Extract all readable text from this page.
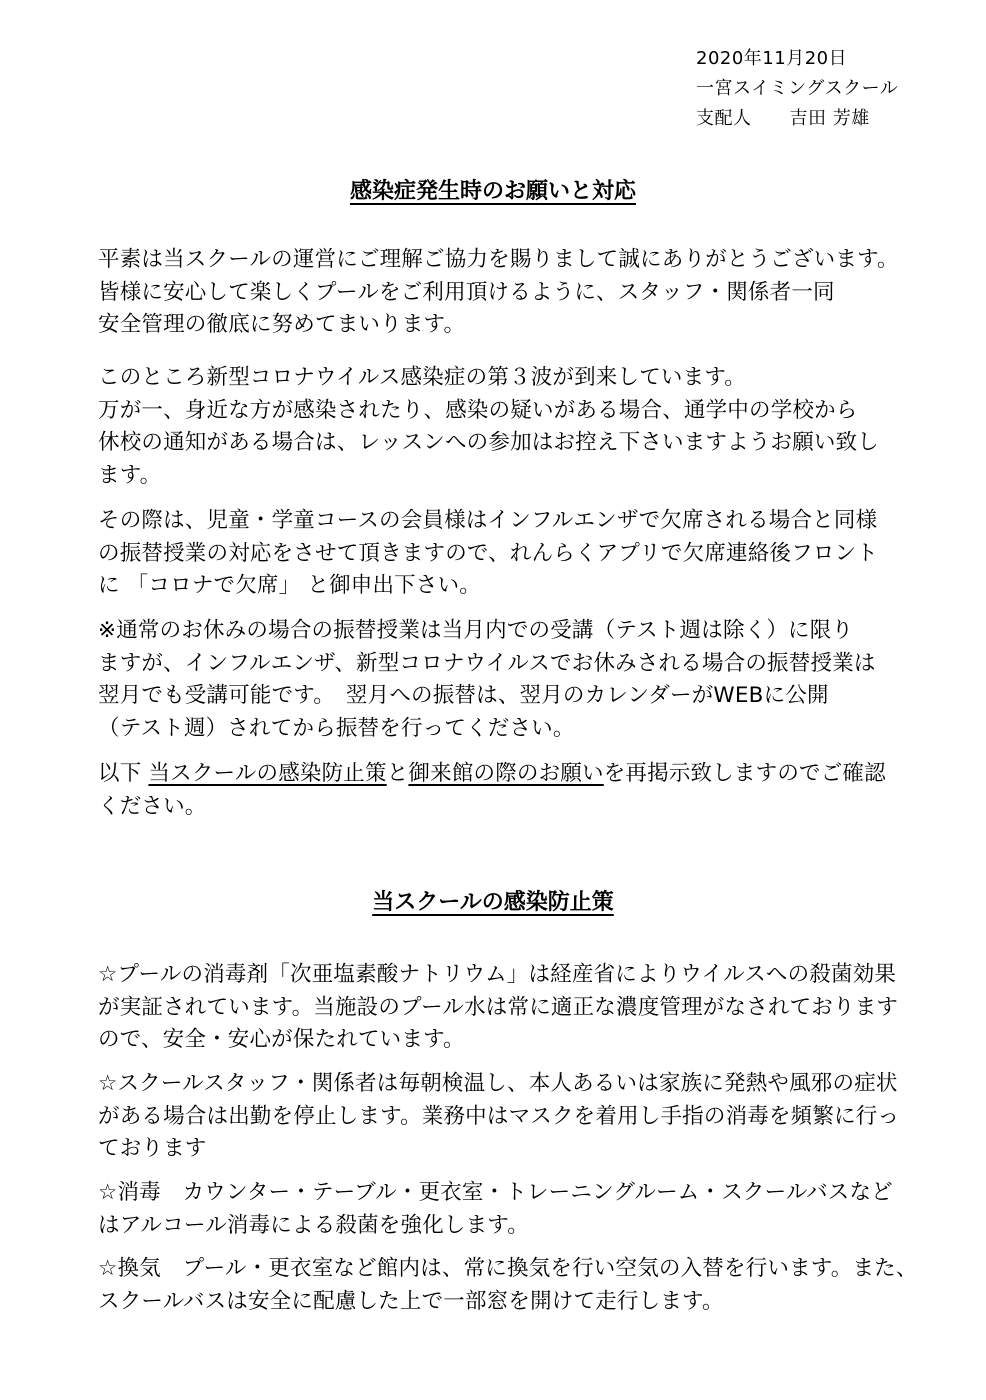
2020年11月20日
一宮スイミングスクール
支配人 吉田 芳雄
感染症発生時のお願いと対応
平素は当スクールの運営にご理解ご協力を賜りまして誠にありがとうございます。
皆様に安心して楽しくプールをご利用頂けるように、スタッフ・関係者一同
安全管理の徹底に努めてまいります。
このところ新型コロナウイルス感染症の第３波が到来しています。
万が一、身近な方が感染されたり、感染の疑いがある場合、通学中の学校から
休校の通知がある場合は、レッスンへの参加はお控え下さいますようお願い致し
ます。
その際は、児童・学童コースの会員様はインフルエンザで欠席される場合と同様
の振替授業の対応をさせて頂きますので、れんらくアプリで欠席連絡後フロント
に 「コロナで欠席」 と御申出下さい。
※通常のお休みの場合の振替授業は当月内での受講（テスト週は除く）に限り
ますが、インフルエンザ、新型コロナウイルスでお休みされる場合の振替授業は
翌月でも受講可能です。　翌月への振替は、翌月のカレンダーがWEBに公開
（テスト週）されてから振替を行ってください。
以下 当スクールの感染防止策と御来館の際のお願いを再掲示致しますのでご確認
ください。
当スクールの感染防止策
☆プールの消毒剤「次亜塩素酸ナトリウム」は経産省によりウイルスへの殺菌効果
が実証されています。当施設のプール水は常に適正な濃度管理がなされております
ので、安全・安心が保たれています。
☆スクールスタッフ・関係者は毎朝検温し、本人あるいは家族に発熱や風邪の症状
がある場合は出勤を停止します。業務中はマスクを着用し手指の消毒を頻繁に行っ
ております
☆消毒　カウンター・テーブル・更衣室・トレーニングルーム・スクールバスなど
はアルコール消毒による殺菌を強化します。
☆換気　プール・更衣室など館内は、常に換気を行い空気の入替を行います。また、
スクールバスは安全に配慮した上で一部窓を開けて走行します。
